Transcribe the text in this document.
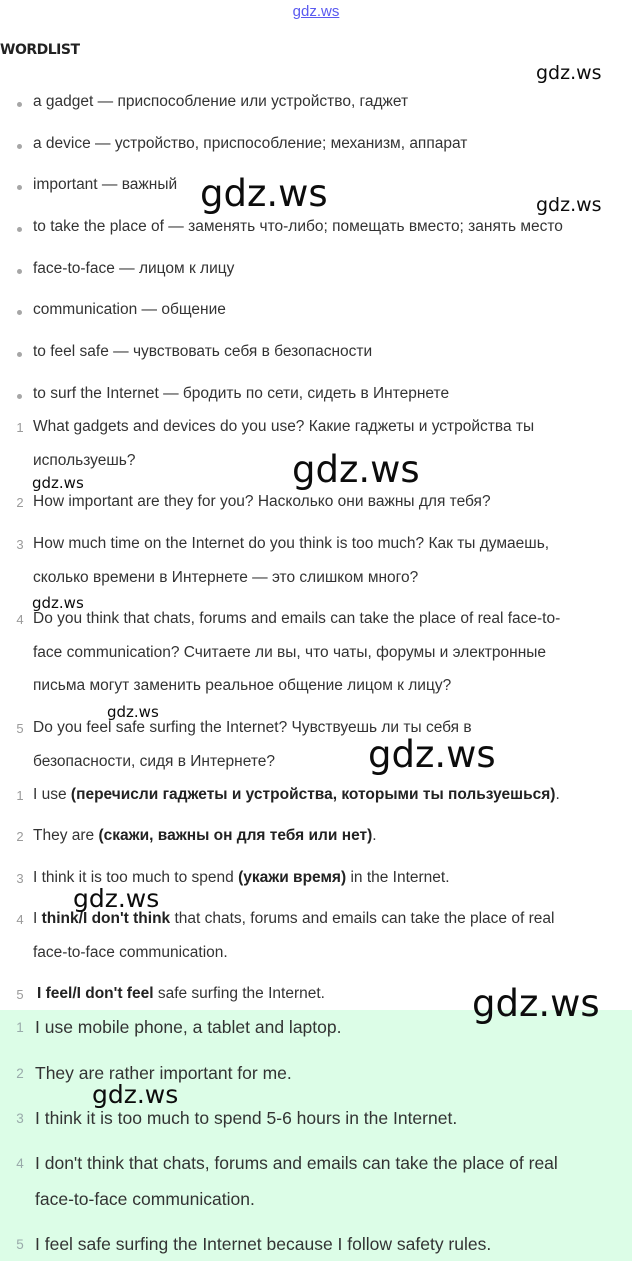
gdz.ws
WORDLIST
a gadget — приспособление или устройство, гаджет
a device — устройство, приспособление; механизм, аппарат
important — важный
to take the place of — заменять что-либо; помещать вместо; занять место
face-to-face — лицом к лицу
communication — общение
to feel safe — чувствовать себя в безопасности
to surf the Internet — бродить по сети, сидеть в Интернете
1 What gadgets and devices do you use? Какие гаджеты и устройства ты
используешь?
2 How important are they for you? Насколько они важны для тебя?
3 How much time on the Internet do you think is too much? Как ты думаешь,
сколько времени в Интернете — это слишком много?
4 Do you think that chats, forums and emails can take the place of real face-to-
face communication? Считаете ли вы, что чаты, форумы и электронные
письма могут заменить реальное общение лицом к лицу?
5 Do you feel safe surfing the Internet? Чувствуешь ли ты себя в
безопасности, сидя в Интернете?
1 I use (перечисли гаджеты и устройства, которыми ты пользуешься).
2 They are (скажи, важны он для тебя или нет).
3 I think it is too much to spend (укажи время) in the Internet.
4 I think/I don't think that chats, forums and emails can take the place of real
face-to-face communication.
5 I feel/I don't feel safe surfing the Internet.
1 I use mobile phone, a tablet and laptop.
2 They are rather important for me.
3 I think it is too much to spend 5-6 hours in the Internet.
4 I don't think that chats, forums and emails can take the place of real
face-to-face communication.
5 I feel safe surfing the Internet because I follow safety rules.
gdz.ws
gdz.ws	gdz.ws
gdz.ws
gdz.ws
gdz.ws
gdz.ws
gdz.ws
gdz.ws
gdz.ws
gdz.ws
